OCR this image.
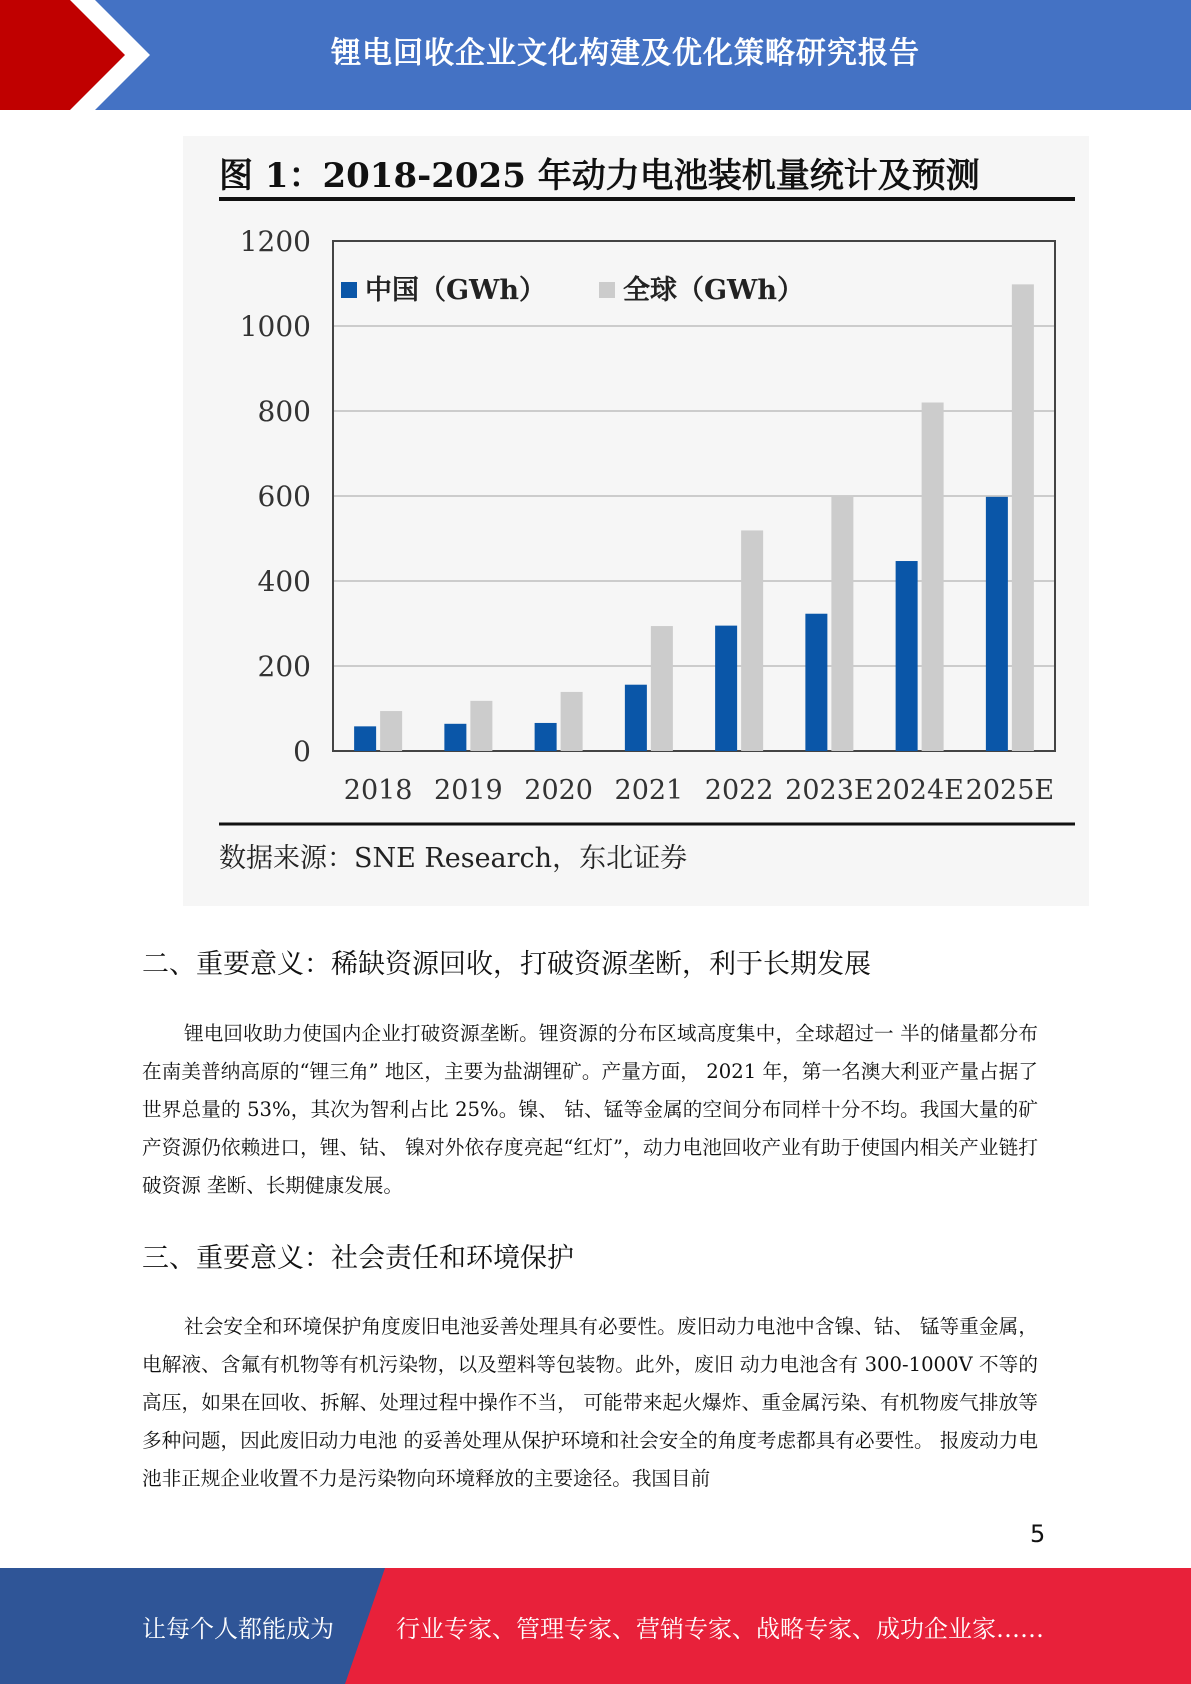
锂电回收企业文化构建及优化策略研究报告
图 1：2018-2025 年动力电池装机量统计及预测
0
200
400
600
800
1000
1200
2018 2019 2020 2021 2022 2023E 2024E 2025E
中国（GWh）	全球（GWh）
数据来源：SNE Research，东北证券
二、重要意义：稀缺资源回收，打破资源垄断，利于长期发展
锂电回收助力使国内企业打破资源垄断。锂资源的分布区域高度集中，全球超过一 半的储量都分布在南美普纳高原的“锂三角” 地区，主要为盐湖锂矿。产量方面， 2021 年，第一名澳大利亚产量占据了世界总量的 53%，其次为智利占比 25%。镍、 钴、锰等金属的空间分布同样十分不均。我国大量的矿产资源仍依赖进口，锂、钴、 镍对外依存度亮起“红灯”，动力电池回收产业有助于使国内相关产业链打破资源 垄断、长期健康发展。
三、重要意义：社会责任和环境保护
社会安全和环境保护角度废旧电池妥善处理具有必要性。废旧动力电池中含镍、钴、 锰等重金属，电解液、含氟有机物等有机污染物，以及塑料等包装物。此外，废旧 动力电池含有 300-1000V 不等的高压，如果在回收、拆解、处理过程中操作不当， 可能带来起火爆炸、重金属污染、有机物废气排放等多种问题，因此废旧动力电池 的妥善处理从保护环境和社会安全的角度考虑都具有必要性。 报废动力电池非正规企业收置不力是污染物向环境释放的主要途径。我国目前
5
让每个人都能成为	行业专家、管理专家、营销专家、战略专家、成功企业家……
